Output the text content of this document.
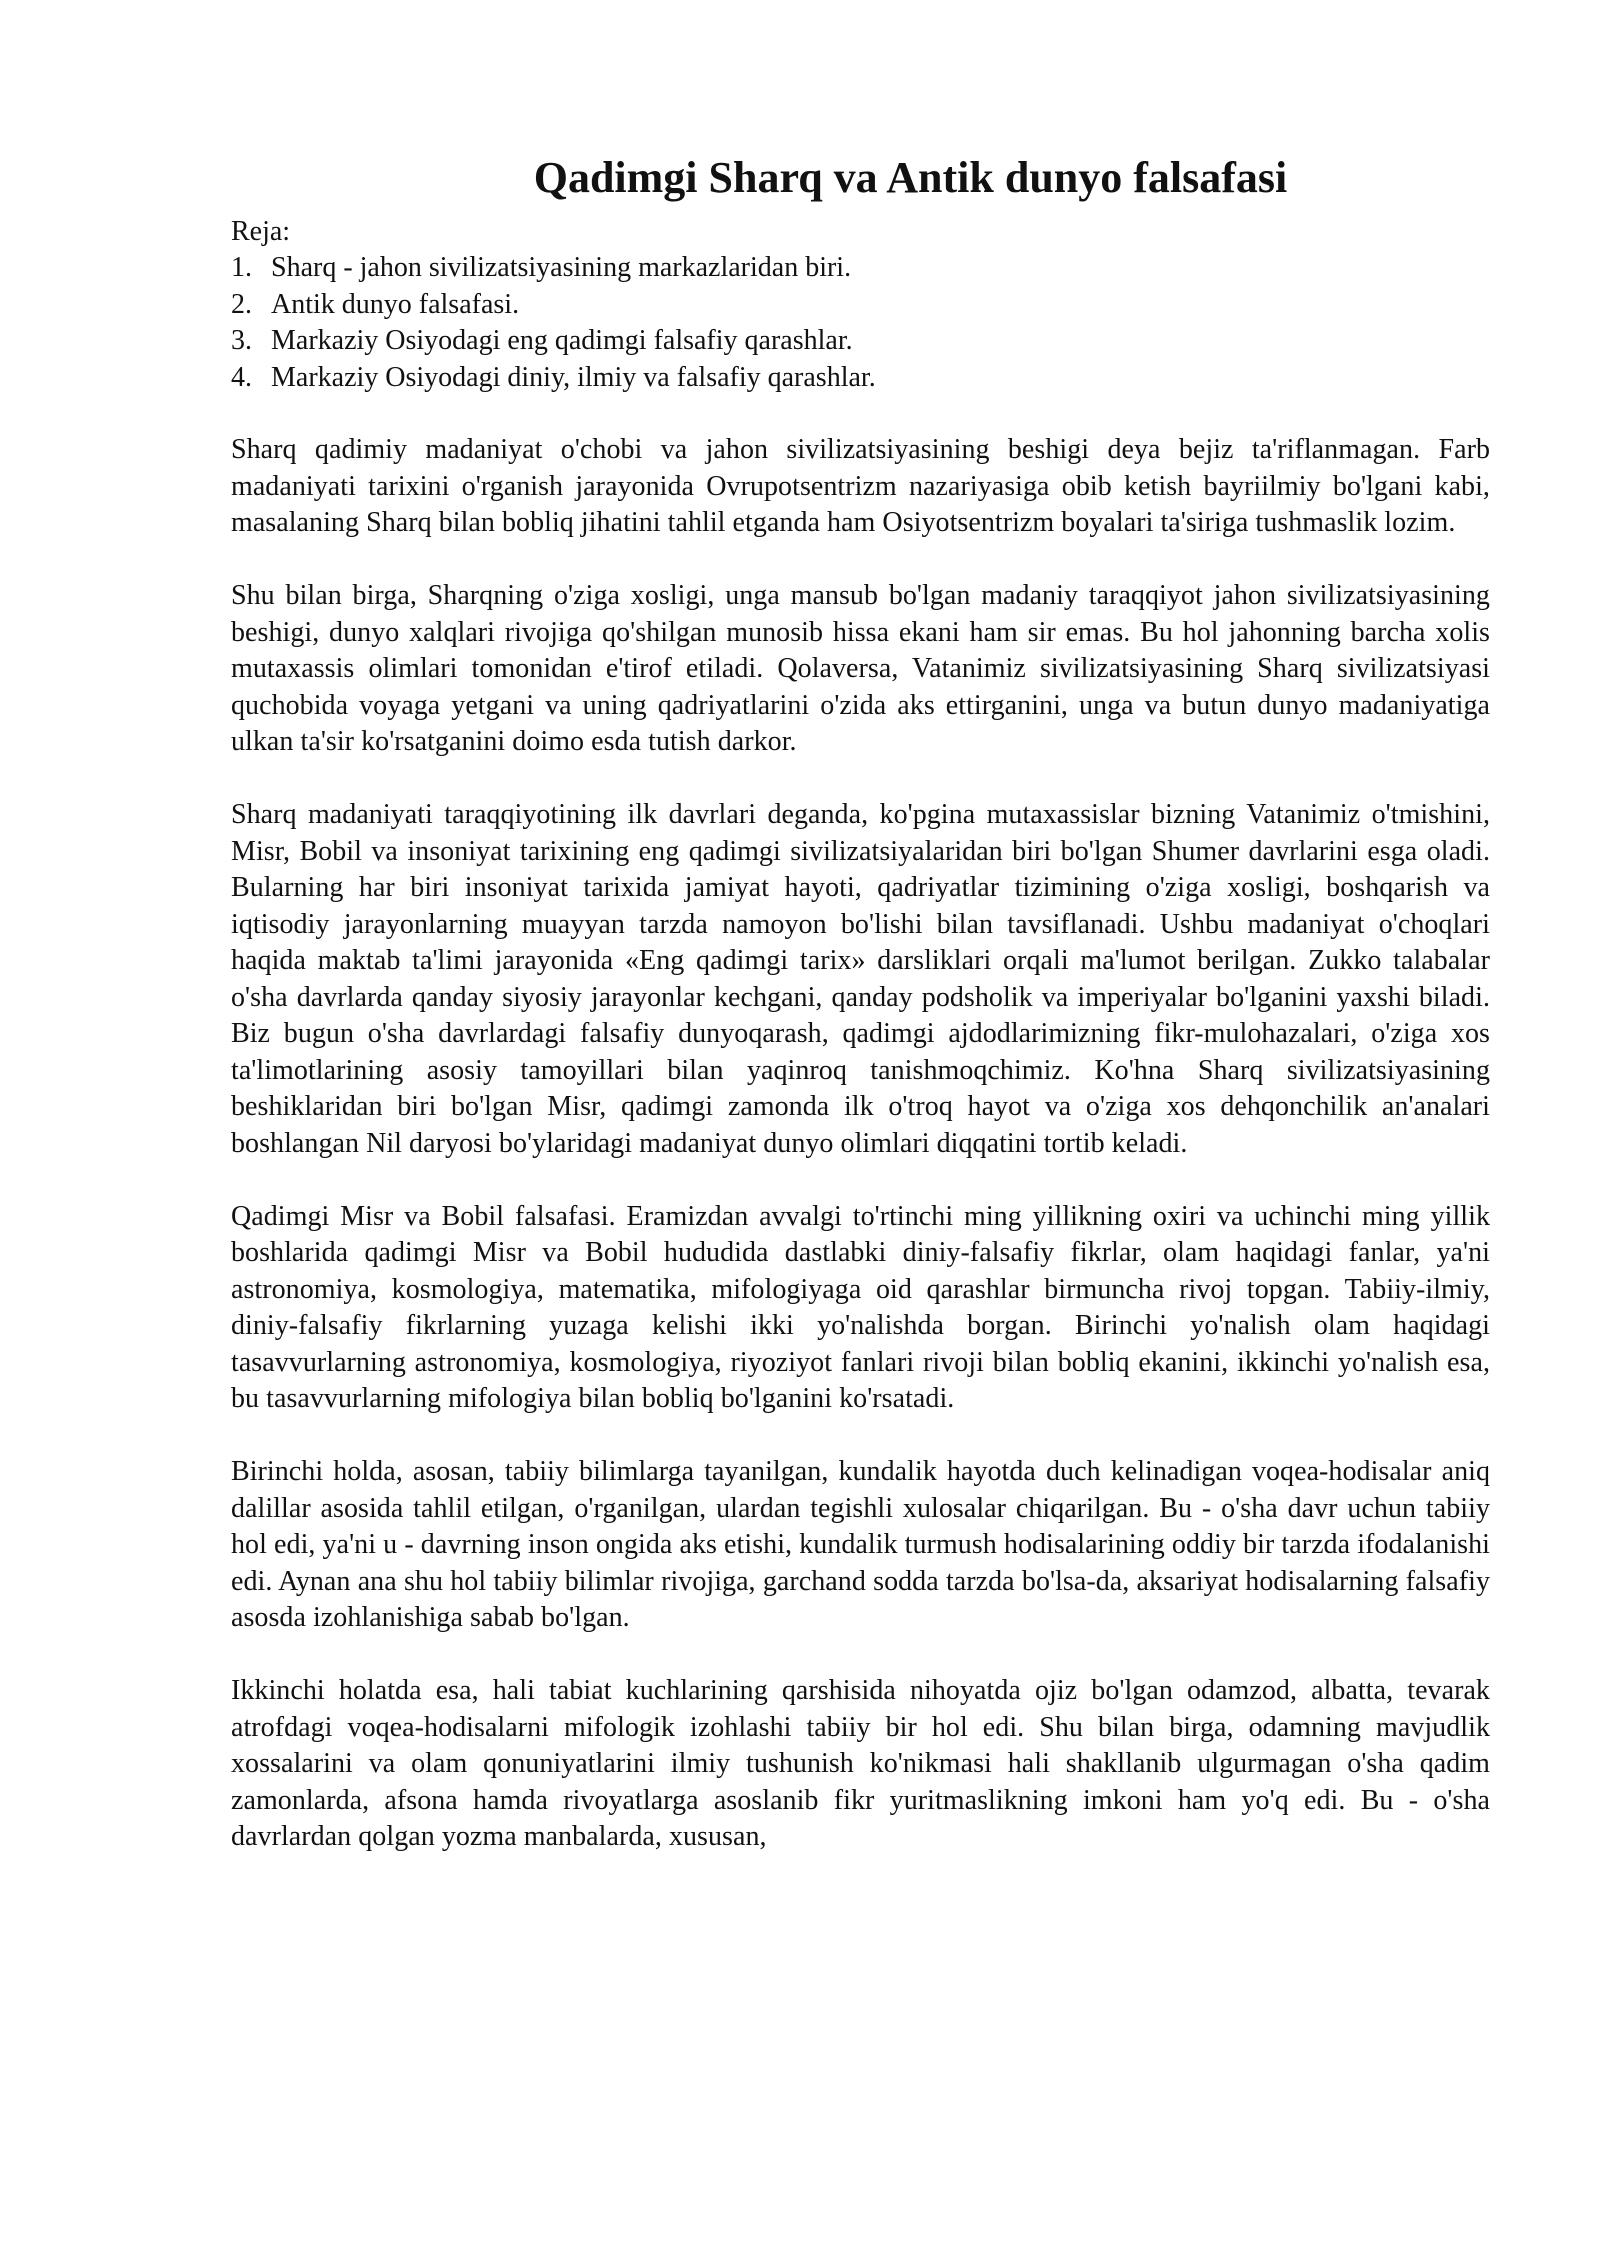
Qadimgi Sharq va Antik dunyo falsafasi

Reja:

1. Sharq - jahon sivilizatsiyasining markazlaridan biri.
2. Antik dunyo falsafasi.
3. Markaziy Osiyodagi eng qadimgi falsafiy qarashlar.
4. Markaziy Osiyodagi diniy, ilmiy va falsafiy qarashlar.

Sharq qadimiy madaniyat o'chobi va jahon sivilizatsiyasining beshigi deya bejiz ta'riflanmagan. Farb madaniyati tarixini o'rganish jarayonida Ovrupotsentrizm nazariyasiga obib ketish bayriilmiy bo'lgani kabi, masalaning Sharq bilan bobliq jihatini tahlil etganda ham Osiyotsentrizm boyalari ta'siriga tushmaslik lozim.

Shu bilan birga, Sharqning o'ziga xosligi, unga mansub bo'lgan madaniy taraqqiyot jahon sivilizatsiyasining beshigi, dunyo xalqlari rivojiga qo'shilgan munosib hissa ekani ham sir emas. Bu hol jahonning barcha xolis mutaxassis olimlari tomonidan e'tirof etiladi. Qolaversa, Vatanimiz sivilizatsiyasining Sharq sivilizatsiyasi quchobida voyaga yetgani va uning qadriyatlarini o'zida aks ettirganini, unga va butun dunyo madaniyatiga ulkan ta'sir ko'rsatganini doimo esda tutish darkor.

Sharq madaniyati taraqqiyotining ilk davrlari deganda, ko'pgina mutaxassislar bizning Vatanimiz o'tmishini, Misr, Bobil va insoniyat tarixining eng qadimgi sivilizatsiyalaridan biri bo'lgan Shumer davrlarini esga oladi. Bularning har biri insoniyat tarixida jamiyat hayoti, qadriyatlar tizimining o'ziga xosligi, boshqarish va iqtisodiy jarayonlarning muayyan tarzda namoyon bo'lishi bilan tavsiflanadi. Ushbu madaniyat o'choqlari haqida maktab ta'limi jarayonida «Eng qadimgi tarix» darsliklari orqali ma'lumot berilgan. Zukko talabalar o'sha davrlarda qanday siyosiy jarayonlar kechgani, qanday podsholik va imperiyalar bo'lganini yaxshi biladi. Biz bugun o'sha davrlardagi falsafiy dunyoqarash, qadimgi ajdodlarimizning fikr-mulohazalari, o'ziga xos ta'limotlarining asosiy tamoyillari bilan yaqinroq tanishmoqchimiz. Ko'hna Sharq sivilizatsiyasining beshiklaridan biri bo'lgan Misr, qadimgi zamonda ilk o'troq hayot va o'ziga xos dehqonchilik an'analari boshlangan Nil daryosi bo'ylaridagi madaniyat dunyo olimlari diqqatini tortib keladi.

Qadimgi Misr va Bobil falsafasi. Eramizdan avvalgi to'rtinchi ming yillikning oxiri va uchinchi ming yillik boshlarida qadimgi Misr va Bobil hududida dastlabki diniy-falsafiy fikrlar, olam haqidagi fanlar, ya'ni astronomiya, kosmologiya, matematika, mifologiyaga oid qarashlar birmuncha rivoj topgan. Tabiiy-ilmiy, diniy-falsafiy fikrlarning yuzaga kelishi ikki yo'nalishda borgan. Birinchi yo'nalish olam haqidagi tasavvurlarning astronomiya, kosmologiya, riyoziyot fanlari rivoji bilan bobliq ekanini, ikkinchi yo'nalish esa, bu tasavvurlarning mifologiya bilan bobliq bo'lganini ko'rsatadi.

Birinchi holda, asosan, tabiiy bilimlarga tayanilgan, kundalik hayotda duch kelinadigan voqea-hodisalar aniq dalillar asosida tahlil etilgan, o'rganilgan, ulardan tegishli xulosalar chiqarilgan. Bu - o'sha davr uchun tabiiy hol edi, ya'ni u - davrning inson ongida aks etishi, kundalik turmush hodisalarining oddiy bir tarzda ifodalanishi edi. Aynan ana shu hol tabiiy bilimlar rivojiga, garchand sodda tarzda bo'lsa-da, aksariyat hodisalarning falsafiy asosda izohlanishiga sabab bo'lgan.

Ikkinchi holatda esa, hali tabiat kuchlarining qarshisida nihoyatda ojiz bo'lgan odamzod, albatta, tevarak atrofdagi voqea-hodisalarni mifologik izohlashi tabiiy bir hol edi. Shu bilan birga, odamning mavjudlik xossalarini va olam qonuniyatlarini ilmiy tushunish ko'nikmasi hali shakllanib ulgurmagan o'sha qadim zamonlarda, afsona hamda rivoyatlarga asoslanib fikr yuritmaslikning imkoni ham yo'q edi. Bu - o'sha davrlardan qolgan yozma manbalarda, xususan,
